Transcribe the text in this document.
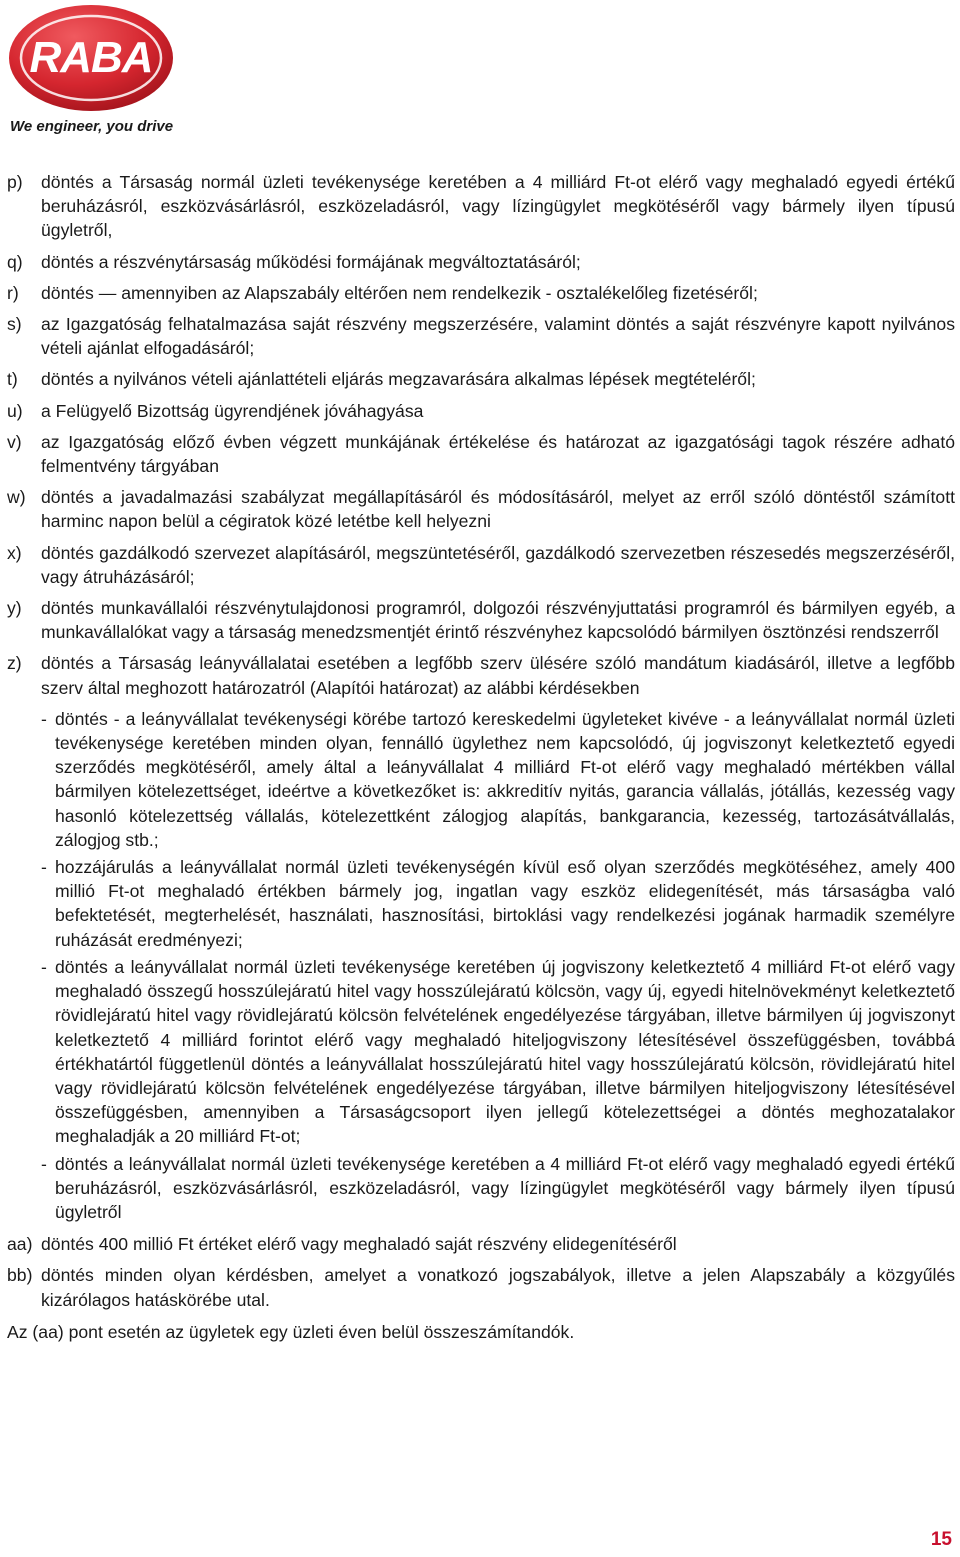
RABA
We engineer, you drive
p)	döntés a Társaság normál üzleti tevékenysége keretében a 4 milliárd Ft-ot elérő vagy meghaladó egyedi értékű beruházásról, eszközvásárlásról, eszközeladásról, vagy lízingügylet megkötéséről vagy bármely ilyen típusú ügyletről,
q)	döntés a részvénytársaság működési formájának megváltoztatásáról;
r)	döntés ― amennyiben az Alapszabály eltérően nem rendelkezik - osztalékelőleg fizetéséről;
s)	az Igazgatóság felhatalmazása saját részvény megszerzésére, valamint döntés a saját részvényre kapott nyilvános vételi ajánlat elfogadásáról;
t)	döntés a nyilvános vételi ajánlattételi eljárás megzavarására alkalmas lépések megtételéről;
u)	a Felügyelő Bizottság ügyrendjének jóváhagyása
v)	az Igazgatóság előző évben végzett munkájának értékelése és határozat az igazgatósági tagok részére adható felmentvény tárgyában
w) döntés a javadalmazási szabályzat megállapításáról és módosításáról, melyet az erről szóló döntéstől számított harminc napon belül a cégiratok közé letétbe kell helyezni
x)	döntés gazdálkodó szervezet alapításáról, megszüntetéséről, gazdálkodó szervezetben részesedés megszerzéséről, vagy átruházásáról;
y)	döntés munkavállalói részvénytulajdonosi programról, dolgozói részvényjuttatási programról és bármilyen egyéb, a munkavállalókat vagy a társaság menedzsmentjét érintő részvényhez kapcsolódó bármilyen ösztönzési rendszerről
z)	döntés a Társaság leányvállalatai esetében a legfőbb szerv ülésére szóló mandátum kiadásáról, illetve a legfőbb szerv által meghozott határozatról (Alapítói határozat) az alábbi kérdésekben
- döntés - a leányvállalat tevékenységi körébe tartozó kereskedelmi ügyleteket kivéve - a leányvállalat normál üzleti tevékenysége keretében minden olyan, fennálló ügylethez nem kapcsolódó, új jogviszonyt keletkeztető egyedi szerződés megkötéséről, amely által a leányvállalat 4 milliárd Ft-ot elérő vagy meghaladó mértékben vállal bármilyen kötelezettséget, ideértve a következőket is: akkreditív nyitás, garancia vállalás, jótállás, kezesség vagy hasonló kötelezettség vállalás, kötelezettként zálogjog alapítás, bankgarancia, kezesség, tartozásátvállalás, zálogjog stb.;
- hozzájárulás a leányvállalat normál üzleti tevékenységén kívül eső olyan szerződés megkötéséhez, amely 400 millió Ft-ot meghaladó értékben bármely jog, ingatlan vagy eszköz elidegenítését, más társaságba való befektetését, megterhelését, használati, hasznosítási, birtoklási vagy rendelkezési jogának harmadik személyre ruházását eredményezi;
- döntés a leányvállalat normál üzleti tevékenysége keretében új jogviszony keletkeztető 4 milliárd Ft-ot elérő vagy meghaladó összegű hosszúlejáratú hitel vagy hosszúlejáratú kölcsön, vagy új, egyedi hitelnövekményt keletkeztető rövidlejáratú hitel vagy rövidlejáratú kölcsön felvételének engedélyezése tárgyában, illetve bármilyen új jogviszonyt keletkeztető 4 milliárd forintot elérő vagy meghaladó hiteljogviszony létesítésével összefüggésben, továbbá értékhatártól függetlenül döntés a leányvállalat hosszúlejáratú hitel vagy hosszúlejáratú kölcsön, rövidlejáratú hitel vagy rövidlejáratú kölcsön felvételének engedélyezése tárgyában, illetve bármilyen hiteljogviszony létesítésével összefüggésben, amennyiben a Társaságcsoport ilyen jellegű kötelezettségei a döntés meghozatalakor meghaladják a 20 milliárd Ft-ot;
- döntés a leányvállalat normál üzleti tevékenysége keretében a 4 milliárd Ft-ot elérő vagy meghaladó egyedi értékű beruházásról, eszközvásárlásról, eszközeladásról, vagy lízingügylet megkötéséről vagy bármely ilyen típusú ügyletről
aa) döntés 400 millió Ft értéket elérő vagy meghaladó saját részvény elidegenítéséről
bb) döntés minden olyan kérdésben, amelyet a vonatkozó jogszabályok, illetve a jelen Alapszabály a közgyűlés kizárólagos hatáskörébe utal.
Az (aa) pont esetén az ügyletek egy üzleti éven belül összeszámítandók.
15
